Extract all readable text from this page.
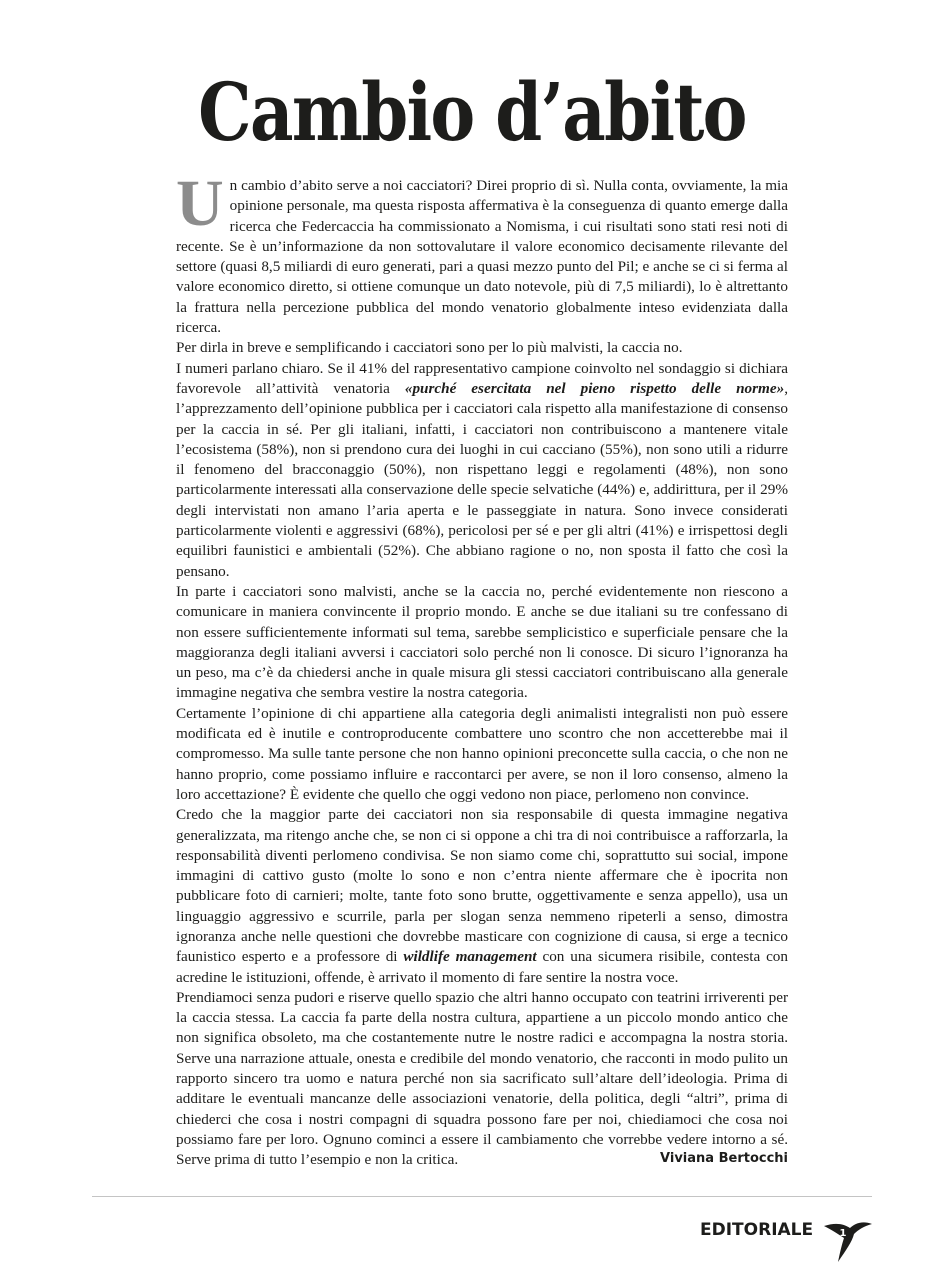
Cambio d’abito

Un cambio d’abito serve a noi cacciatori? Direi proprio di sì. Nulla conta, ovviamente, la mia opinione personale, ma questa risposta affermativa è la conseguenza di quanto emerge dalla ricerca che Federcaccia ha commissionato a Nomisma, i cui risultati sono stati resi noti di recente. Se è un’informazione da non sottovalutare il valore economico decisamente rilevante del settore (quasi 8,5 miliardi di euro generati, pari a quasi mezzo punto del Pil; e anche se ci si ferma al valore economico diretto, si ottiene comunque un dato notevole, più di 7,5 miliardi), lo è altrettanto la frattura nella percezione pubblica del mondo venatorio globalmente inteso evidenziata dalla ricerca.

Per dirla in breve e semplificando i cacciatori sono per lo più malvisti, la caccia no.

I numeri parlano chiaro. Se il 41% del rappresentativo campione coinvolto nel sondaggio si dichiara favorevole all’attività venatoria «purché esercitata nel pieno rispetto delle norme», l’apprezzamento dell’opinione pubblica per i cacciatori cala rispetto alla manifestazione di consenso per la caccia in sé. Per gli italiani, infatti, i cacciatori non contribuiscono a mantenere vitale l’ecosistema (58%), non si prendono cura dei luoghi in cui cacciano (55%), non sono utili a ridurre il fenomeno del bracconaggio (50%), non rispettano leggi e regolamenti (48%), non sono particolarmente interessati alla conservazione delle specie selvatiche (44%) e, addirittura, per il 29% degli intervistati non amano l’aria aperta e le passeggiate in natura. Sono invece considerati particolarmente violenti e aggressivi (68%), pericolosi per sé e per gli altri (41%) e irrispettosi degli equilibri faunistici e ambientali (52%). Che abbiano ragione o no, non sposta il fatto che così la pensano.

In parte i cacciatori sono malvisti, anche se la caccia no, perché evidentemente non riescono a comunicare in maniera convincente il proprio mondo. E anche se due italiani su tre confessano di non essere sufficientemente informati sul tema, sarebbe semplicistico e superficiale pensare che la maggioranza degli italiani avversi i cacciatori solo perché non li conosce. Di sicuro l’ignoranza ha un peso, ma c’è da chiedersi anche in quale misura gli stessi cacciatori contribuiscano alla generale immagine negativa che sembra vestire la nostra categoria.

Certamente l’opinione di chi appartiene alla categoria degli animalisti integralisti non può essere modificata ed è inutile e controproducente combattere uno scontro che non accetterebbe mai il compromesso. Ma sulle tante persone che non hanno opinioni preconcette sulla caccia, o che non ne hanno proprio, come possiamo influire e raccontarci per avere, se non il loro consenso, almeno la loro accettazione? È evidente che quello che oggi vedono non piace, perlomeno non convince.

Credo che la maggior parte dei cacciatori non sia responsabile di questa immagine negativa generalizzata, ma ritengo anche che, se non ci si oppone a chi tra di noi contribuisce a rafforzarla, la responsabilità diventi perlomeno condivisa. Se non siamo come chi, soprattutto sui social, impone immagini di cattivo gusto (molte lo sono e non c’entra niente affermare che è ipocrita non pubblicare foto di carnieri; molte, tante foto sono brutte, oggettivamente e senza appello), usa un linguaggio aggressivo e scurrile, parla per slogan senza nemmeno ripeterli a senso, dimostra ignoranza anche nelle questioni che dovrebbe masticare con cognizione di causa, si erge a tecnico faunistico esperto e a professore di wildlife management con una sicumera risibile, contesta con acredine le istituzioni, offende, è arrivato il momento di fare sentire la nostra voce.

Prendiamoci senza pudori e riserve quello spazio che altri hanno occupato con teatrini irriverenti per la caccia stessa. La caccia fa parte della nostra cultura, appartiene a un piccolo mondo antico che non significa obsoleto, ma che costantemente nutre le nostre radici e accompagna la nostra storia. Serve una narrazione attuale, onesta e credibile del mondo venatorio, che racconti in modo pulito un rapporto sincero tra uomo e natura perché non sia sacrificato sull’altare dell’ideologia. Prima di additare le eventuali mancanze delle associazioni venatorie, della politica, degli “altri”, prima di chiederci che cosa i nostri compagni di squadra possono fare per noi, chiediamoci che cosa noi possiamo fare per loro. Ognuno cominci a essere il cambiamento che vorrebbe vedere intorno a sé. Serve prima di tutto l’esempio e non la critica.	Viviana Bertocchi
EDITORIALE	1
